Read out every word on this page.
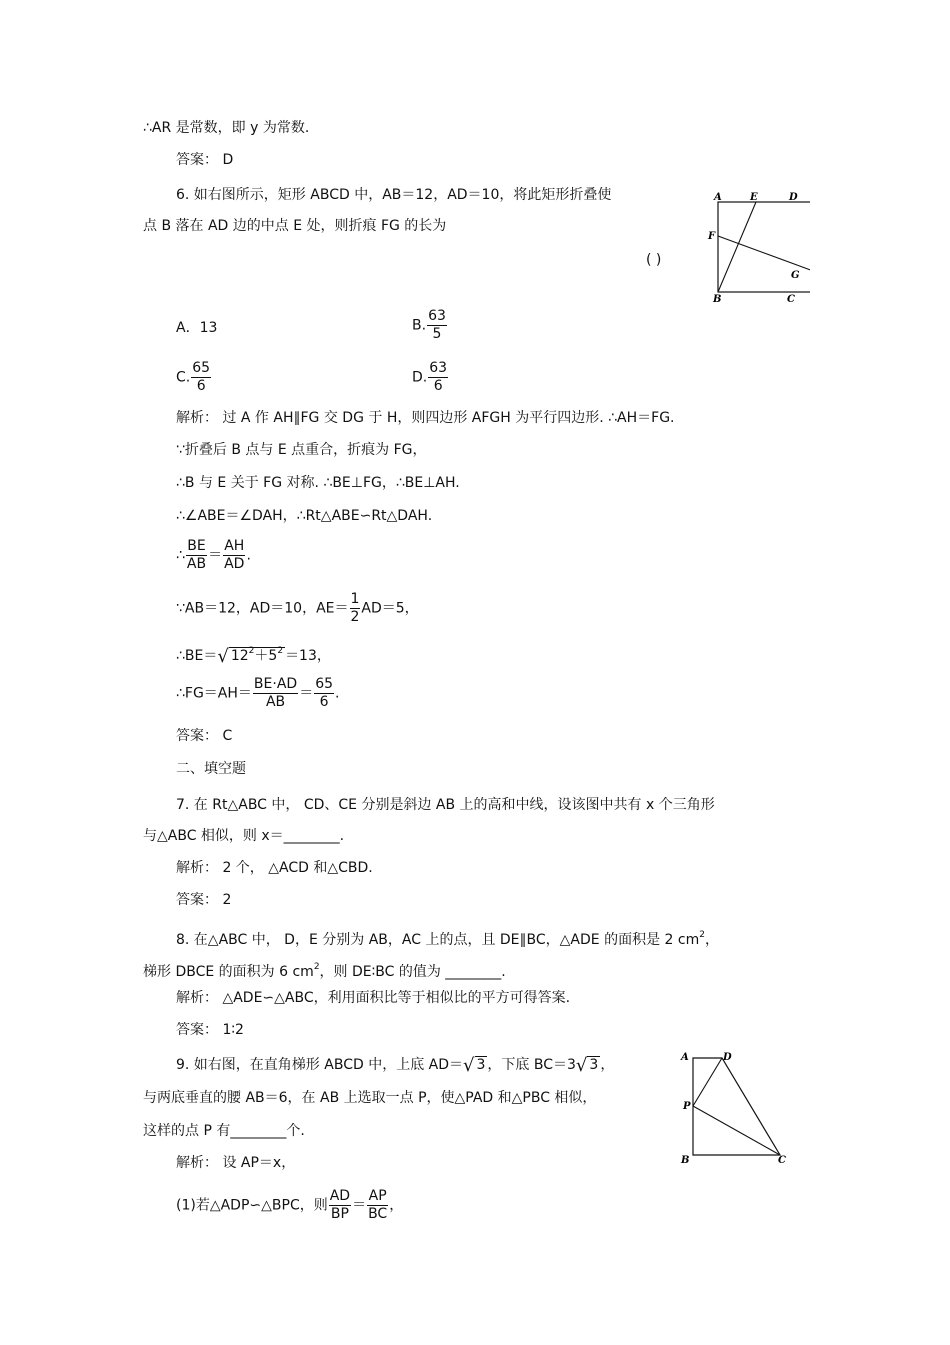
∴AR 是常数，即 y 为常数.
答案： D
6. 如右图所示，矩形 ABCD 中，AB＝12，AD＝10，将此矩形折叠使
点 B 落在 AD 边的中点 E 处，则折痕 FG 的长为
( )
A	E	D
F
G
B	C
A．13	B. $\frac{63}{5}$
C. $\frac{65}{6}$	D. $\frac{63}{6}$
解析： 过 A 作 AH∥FG 交 DG 于 H，则四边形 AFGH 为平行四边形. ∴AH＝FG.
∵折叠后 B 点与 E 点重合，折痕为 FG，
∴B 与 E 关于 FG 对称. ∴BE⊥FG，∴BE⊥AH.
∴∠ABE＝∠DAH，∴Rt△ABE∽Rt△DAH.
∴ $\frac{BE}{AB} = \frac{AH}{AD}$ .
∵AB＝12，AD＝10，$AE= \frac{1}{2} AD=5$，
∴BE＝√ $12^2+5^2 =13$，
∴FG＝AH＝ $\frac{BE\cdot AD}{AB} = \frac{65}{6}$ .
答案： C
二、填空题
7. 在 Rt△ABC 中， CD、CE 分别是斜边 AB 上的高和中线，设该图中共有 x 个三角形
与△ABC 相似，则 x＝________.
解析： 2 个， △ACD 和△CBD.
答案： 2
8. 在△ABC 中， D，E 分别为 AB，AC 上的点，且 DE∥BC，△ADE 的面积是 2 $cm^2$，
梯形 DBCE 的面积为 6 $cm^2$，则 DE∶BC 的值为 ________.
解析： △ADE∽△ABC，利用面积比等于相似比的平方可得答案.
答案： 1∶2
9. 如右图，在直角梯形 ABCD 中，上底 AD＝√ 3 ，下底 BC＝3√ 3 ，
与两底垂直的腰 AB＝6，在 AB 上选取一点 P，使△PAD 和△PBC 相似，
这样的点 P 有________个.
解析： 设 AP＝x，
(1)若△ADP∽△BPC，则 $\frac{AD}{BP} = \frac{AP}{BC}$ ，
A	D
P
B	C
